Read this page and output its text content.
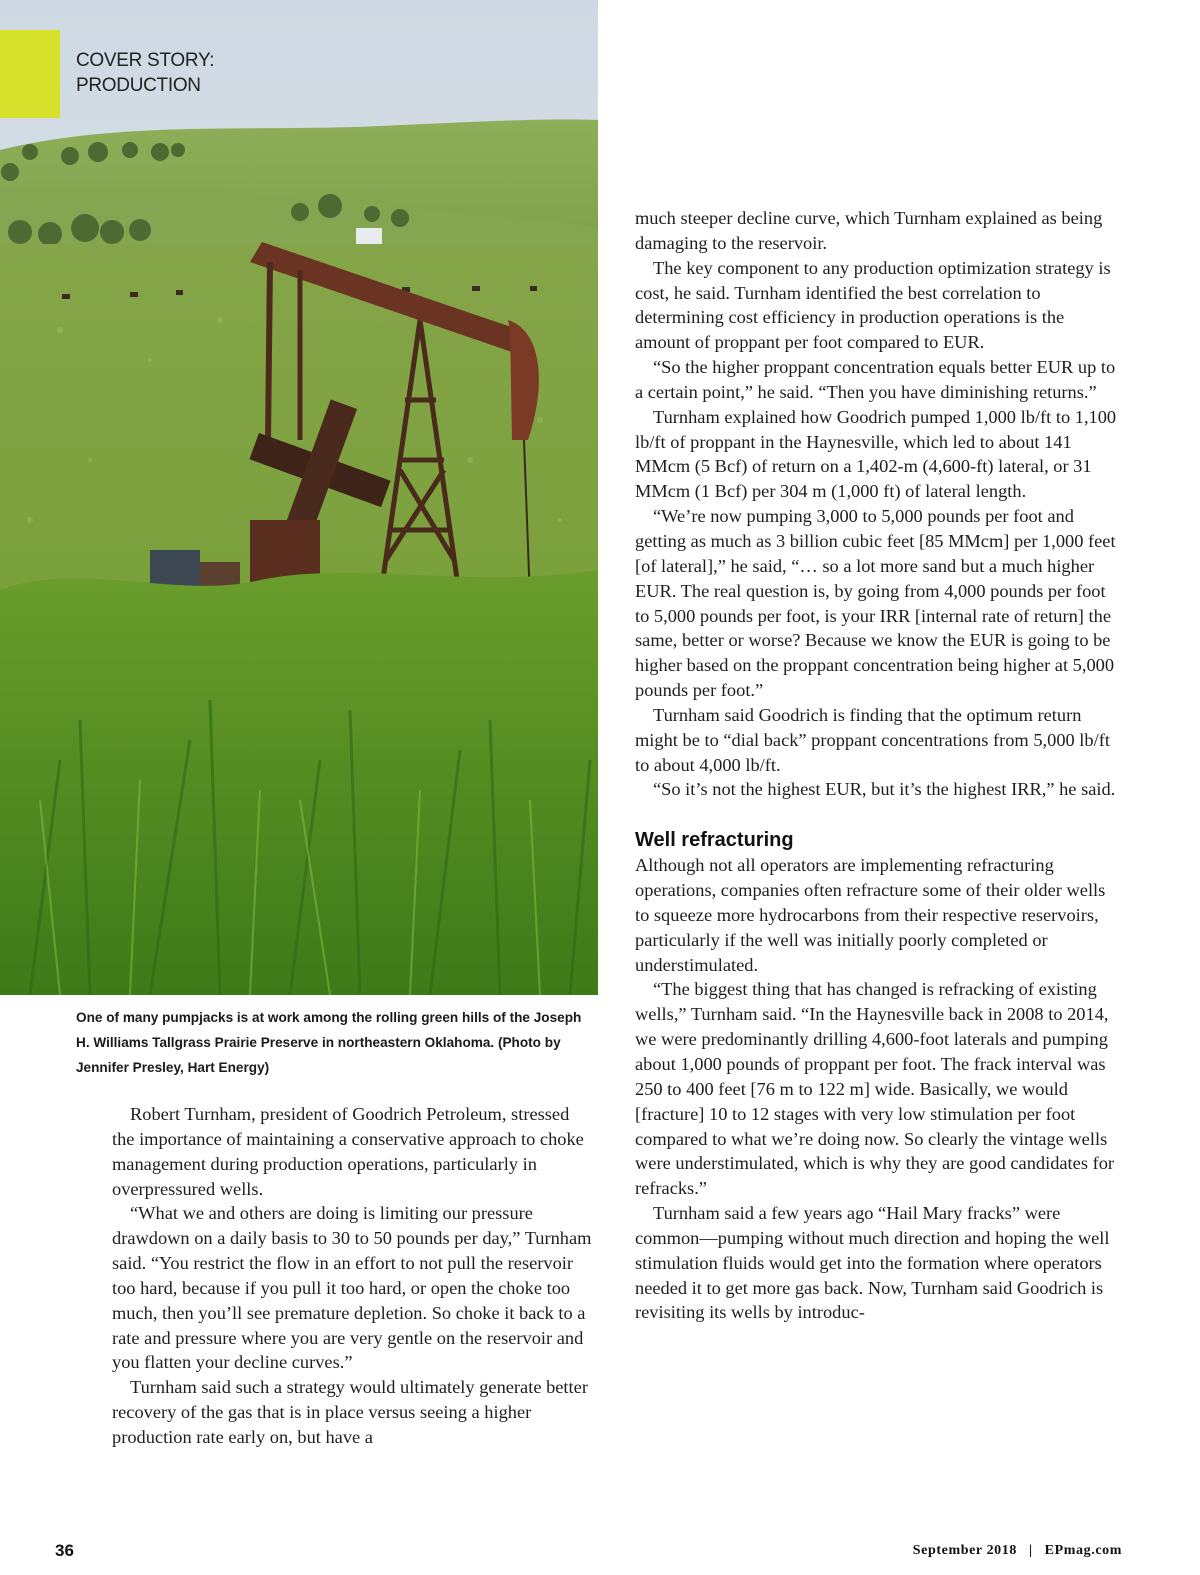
COVER STORY:
PRODUCTION
One of many pumpjacks is at work among the rolling green hills of the Joseph H. Williams Tallgrass Prairie Preserve in northeastern Oklahoma. (Photo by Jennifer Presley, Hart Energy)

Robert Turnham, president of Goodrich Petroleum, stressed the importance of maintaining a conservative approach to choke management during production operations, particularly in overpressured wells.

“What we and others are doing is limiting our pressure drawdown on a daily basis to 30 to 50 pounds per day,” Turnham said. “You restrict the flow in an effort to not pull the reservoir too hard, because if you pull it too hard, or open the choke too much, then you’ll see premature depletion. So choke it back to a rate and pressure where you are very gentle on the reservoir and you flatten your decline curves.”

Turnham said such a strategy would ultimately generate better recovery of the gas that is in place versus seeing a higher production rate early on, but have a

much steeper decline curve, which Turnham explained as being damaging to the reservoir.

The key component to any production optimization strategy is cost, he said. Turnham identified the best correlation to determining cost efficiency in production operations is the amount of proppant per foot compared to EUR.

“So the higher proppant concentration equals better EUR up to a certain point,” he said. “Then you have diminishing returns.”

Turnham explained how Goodrich pumped 1,000 lb/ft to 1,100 lb/ft of proppant in the Haynesville, which led to about 141 MMcm (5 Bcf) of return on a 1,402-m (4,600-ft) lateral, or 31 MMcm (1 Bcf) per 304 m (1,000 ft) of lateral length.

“We’re now pumping 3,000 to 5,000 pounds per foot and getting as much as 3 billion cubic feet [85 MMcm] per 1,000 feet [of lateral],” he said, “… so a lot more sand but a much higher EUR. The real question is, by going from 4,000 pounds per foot to 5,000 pounds per foot, is your IRR [internal rate of return] the same, better or worse? Because we know the EUR is going to be higher based on the proppant concentration being higher at 5,000 pounds per foot.”

Turnham said Goodrich is finding that the optimum return might be to “dial back” proppant concentrations from 5,000 lb/ft to about 4,000 lb/ft.

“So it’s not the highest EUR, but it’s the highest IRR,” he said.

Well refracturing

Although not all operators are implementing refracturing operations, companies often refracture some of their older wells to squeeze more hydrocarbons from their respective reservoirs, particularly if the well was initially poorly completed or understimulated.

“The biggest thing that has changed is refracking of existing wells,” Turnham said. “In the Haynesville back in 2008 to 2014, we were predominantly drilling 4,600-foot laterals and pumping about 1,000 pounds of proppant per foot. The frack interval was 250 to 400 feet [76 m to 122 m] wide. Basically, we would [fracture] 10 to 12 stages with very low stimulation per foot compared to what we’re doing now. So clearly the vintage wells were understimulated, which is why they are good candidates for refracks.”

Turnham said a few years ago “Hail Mary fracks” were common—pumping without much direction and hoping the well stimulation fluids would get into the formation where operators needed it to get more gas back. Now, Turnham said Goodrich is revisiting its wells by introduc-

36	September 2018 | EPmag.com
